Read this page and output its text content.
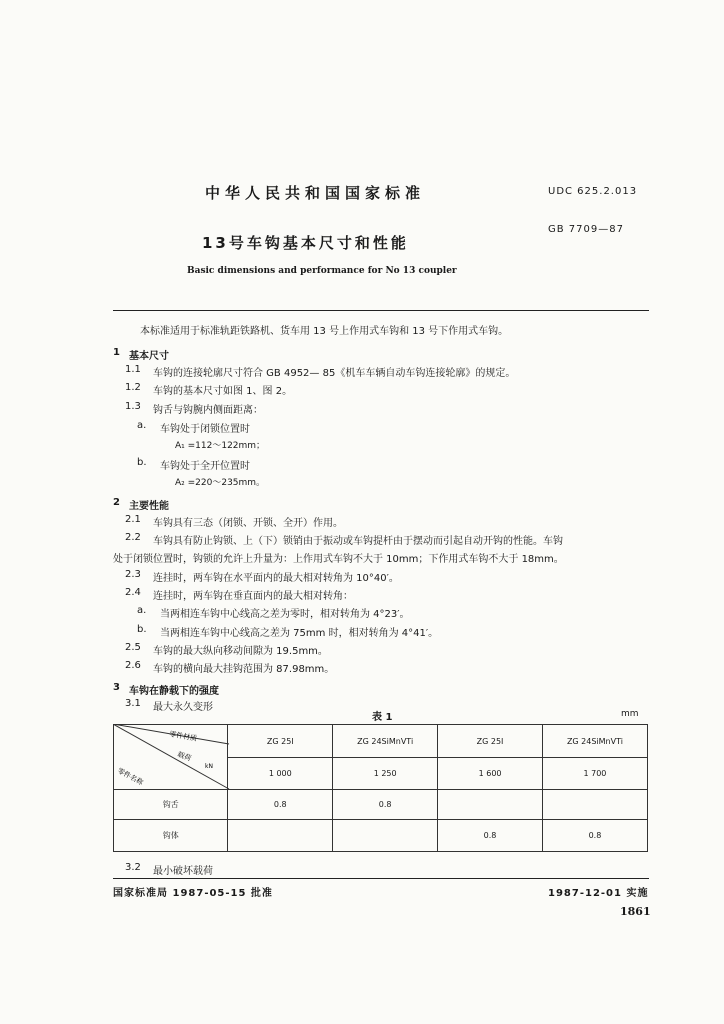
中华人民共和国国家标准	UDC 625.2.013
13号车钩基本尺寸和性能
GB 7709—87
Basic dimensions and performance for No 13 coupler
本标准适用于标准轨距铁路机、货车用 13 号上作用式车钩和 13 号下作用式车钩。
1 基本尺寸
1.1 车钩的连接轮廓尺寸符合 GB 4952— 85《机车车辆自动车钩连接轮廓》的规定。
1.2 车钩的基本尺寸如图 1、图 2。
1.3 钩舌与钩腕内侧面距离：
a. 车钩处于闭锁位置时
A₁ =112～122mm；
b. 车钩处于全开位置时
A₂ =220～235mm。
2 主要性能
2.1 车钩具有三态（闭锁、开锁、全开）作用。
2.2 车钩具有防止钩锁、上（下）锁销由于振动或车钩提杆由于摆动而引起自动开钩的性能。车钩
处于闭锁位置时，钩锁的允许上升量为：上作用式车钩不大于 10mm；下作用式车钩不大于 18mm。
2.3 连挂时，两车钩在水平面内的最大相对转角为 10°40′。
2.4 连挂时，两车钩在垂直面内的最大相对转角：
a. 当两相连车钩中心线高之差为零时，相对转角为 4°23′。
b. 当两相连车钩中心线高之差为 75mm 时，相对转角为 4°41′。
2.5 车钩的最大纵向移动间隙为 19.5mm。
2.6 车钩的横向最大挂钩范围为 87.98mm。
3 车钩在静载下的强度
3.1 最大永久变形
表 1	mm
	ZG 25I	ZG 24SiMnVTi	ZG 25I	ZG 24SiMnVTi
	1 000	1 250	1 600	1 700
钩舌	0.8	0.8		
钩体			0.8	0.8
零件材质
载荷
kN
零件名称
3.2 最小破坏载荷
国家标准局 1987-05-15 批准	1987-12-01 实施
1861
